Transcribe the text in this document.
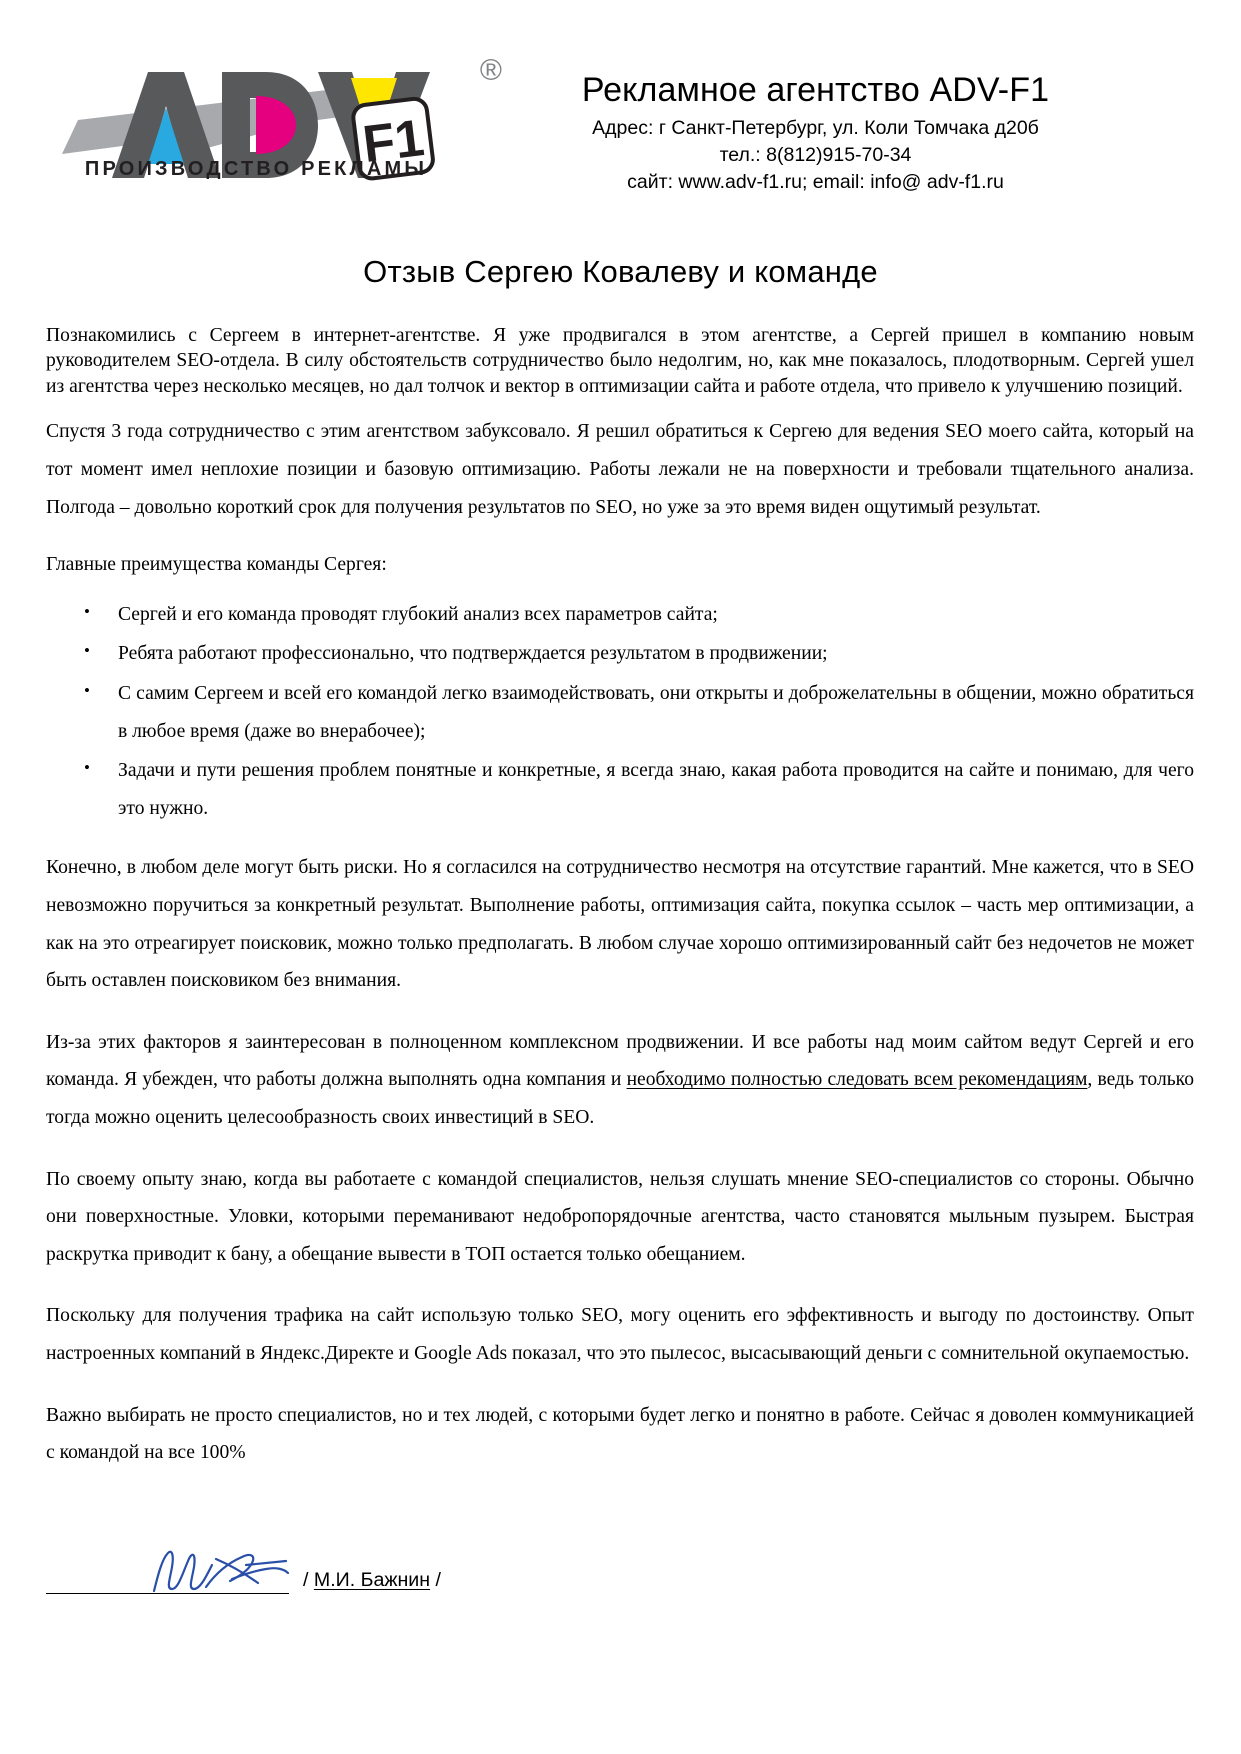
F1
®
ПРОИЗВОДСТВО РЕКЛАМЫ
Рекламное агентство ADV-F1
Адрес: г Санкт-Петербург, ул. Коли Томчака д20б
тел.: 8(812)915-70-34
сайт: www.adv-f1.ru; email: info@ adv-f1.ru
Отзыв Сергею Ковалеву и команде

Познакомились с Сергеем в интернет-агентстве. Я уже продвигался в этом агентстве, а Сергей пришел в компанию новым руководителем SEO-отдела. В силу обстоятельств сотрудничество было недолгим, но, как мне показалось, плодотворным. Сергей ушел из агентства через несколько месяцев, но дал толчок и вектор в оптимизации сайта и работе отдела, что привело к улучшению позиций.

Спустя 3 года сотрудничество с этим агентством забуксовало. Я решил обратиться к Сергею для ведения SEO моего сайта, который на тот момент имел неплохие позиции и базовую оптимизацию. Работы лежали не на поверхности и требовали тщательного анализа. Полгода – довольно короткий срок для получения результатов по SEO, но уже за это время виден ощутимый результат.

Главные преимущества команды Сергея:

• Сергей и его команда проводят глубокий анализ всех параметров сайта;
• Ребята работают профессионально, что подтверждается результатом в продвижении;
• С самим Сергеем и всей его командой легко взаимодействовать, они открыты и доброжелательны в общении, можно обратиться в любое время (даже во внерабочее);
• Задачи и пути решения проблем понятные и конкретные, я всегда знаю, какая работа проводится на сайте и понимаю, для чего это нужно.

Конечно, в любом деле могут быть риски. Но я согласился на сотрудничество несмотря на отсутствие гарантий. Мне кажется, что в SEO невозможно поручиться за конкретный результат. Выполнение работы, оптимизация сайта, покупка ссылок – часть мер оптимизации, а как на это отреагирует поисковик, можно только предполагать. В любом случае хорошо оптимизированный сайт без недочетов не может быть оставлен поисковиком без внимания.

Из-за этих факторов я заинтересован в полноценном комплексном продвижении. И все работы над моим сайтом ведут Сергей и его команда. Я убежден, что работы должна выполнять одна компания и необходимо полностью следовать всем рекомендациям, ведь только тогда можно оценить целесообразность своих инвестиций в SEO.

По своему опыту знаю, когда вы работаете с командой специалистов, нельзя слушать мнение SEO-специалистов со стороны. Обычно они поверхностные. Уловки, которыми переманивают недобропорядочные агентства, часто становятся мыльным пузырем. Быстрая раскрутка приводит к бану, а обещание вывести в ТОП остается только обещанием.

Поскольку для получения трафика на сайт использую только SEO, могу оценить его эффективность и выгоду по достоинству. Опыт настроенных компаний в Яндекс.Директе и Google Ads показал, что это пылесос, высасывающий деньги с сомнительной окупаемостью.

Важно выбирать не просто специалистов, но и тех людей, с которыми будет легко и понятно в работе. Сейчас я доволен коммуникацией с командой на все 100%

/ М.И. Бажнин /
